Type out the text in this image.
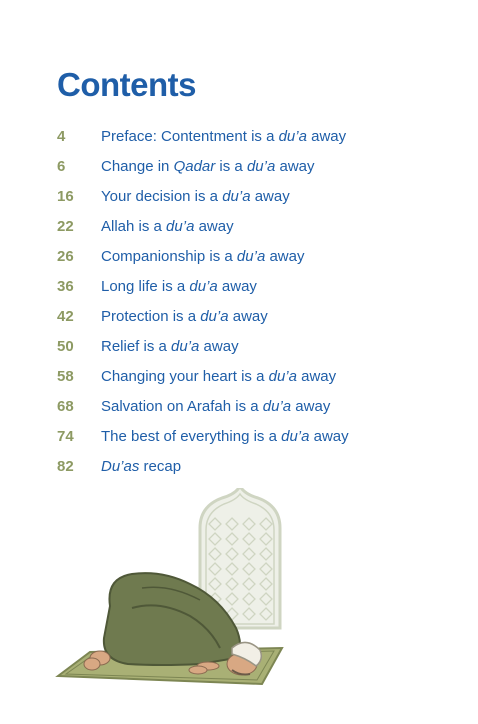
Contents
4	Preface: Contentment is a du’a away
6	Change in Qadar is a du’a away
16	Your decision is a du’a away
22	Allah is a du’a away
26	Companionship is a du’a away
36	Long life is a du’a away
42	Protection is a du’a away
50	Relief is a du’a away
58	Changing your heart is a du’a away
68	Salvation on Arafah is a du’a away
74	The best of everything is a du’a away
82	Du’as recap
